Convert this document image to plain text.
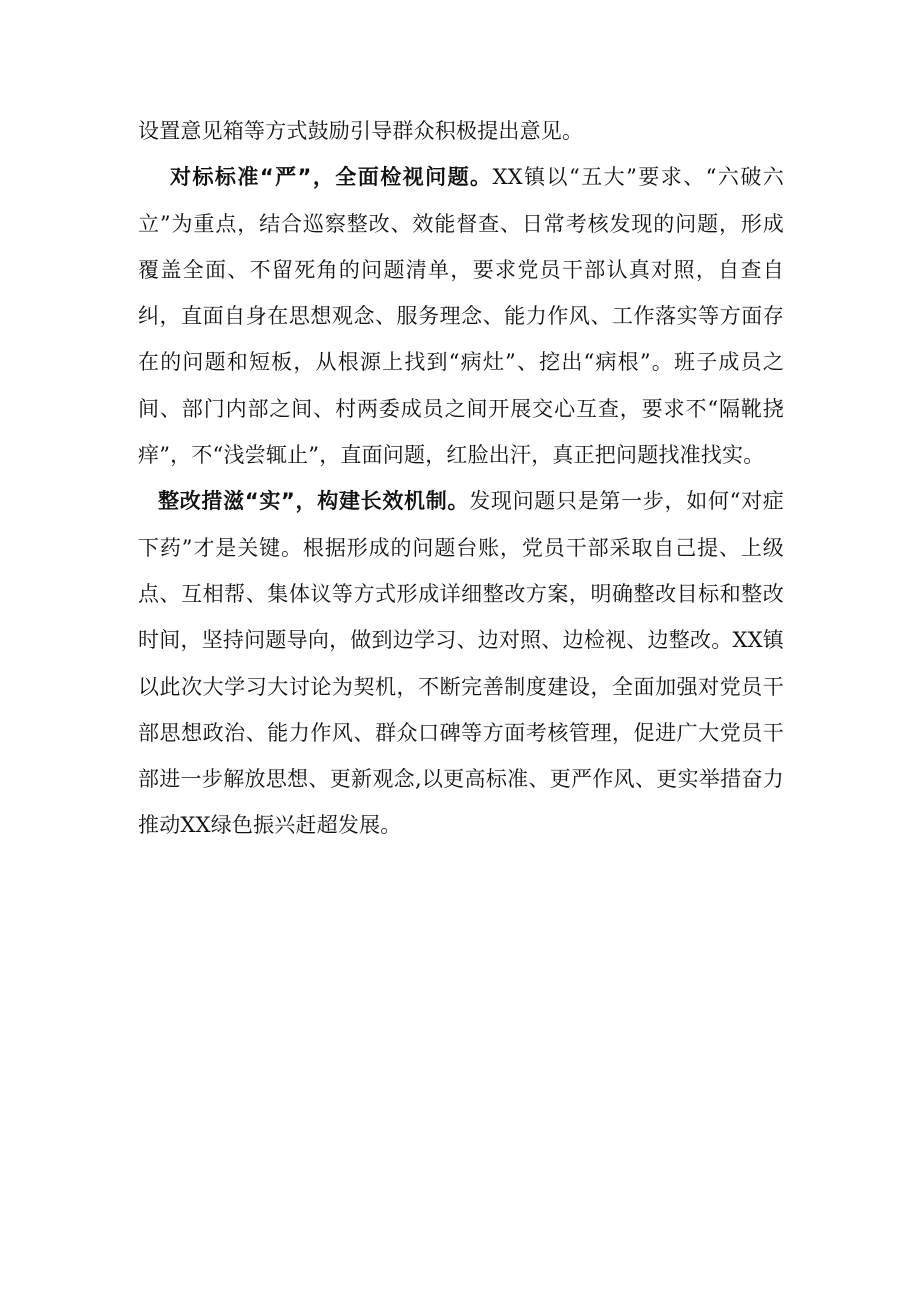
设置意见箱等方式鼓励引导群众积极提出意见。

对标标准“严”，全面检视问题。XX镇以“五大”要求、“六破六立”为重点，结合巡察整改、效能督查、日常考核发现的问题，形成覆盖全面、不留死角的问题清单，要求党员干部认真对照，自查自纠，直面自身在思想观念、服务理念、能力作风、工作落实等方面存在的问题和短板，从根源上找到“病灶”、挖出“病根”。班子成员之间、部门内部之间、村两委成员之间开展交心互查，要求不“隔靴挠痒”，不“浅尝辄止”，直面问题，红脸出汗，真正把问题找准找实。

整改措滋“实”，构建长效机制。发现问题只是第一步，如何“对症下药”才是关键。根据形成的问题台账，党员干部采取自己提、上级点、互相帮、集体议等方式形成详细整改方案，明确整改目标和整改时间，坚持问题导向，做到边学习、边对照、边检视、边整改。XX镇以此次大学习大讨论为契机，不断完善制度建设，全面加强对党员干部思想政治、能力作风、群众口碑等方面考核管理，促进广大党员干部进一步解放思想、更新观念,以更高标准、更严作风、更实举措奋力推动XX绿色振兴赶超发展。
